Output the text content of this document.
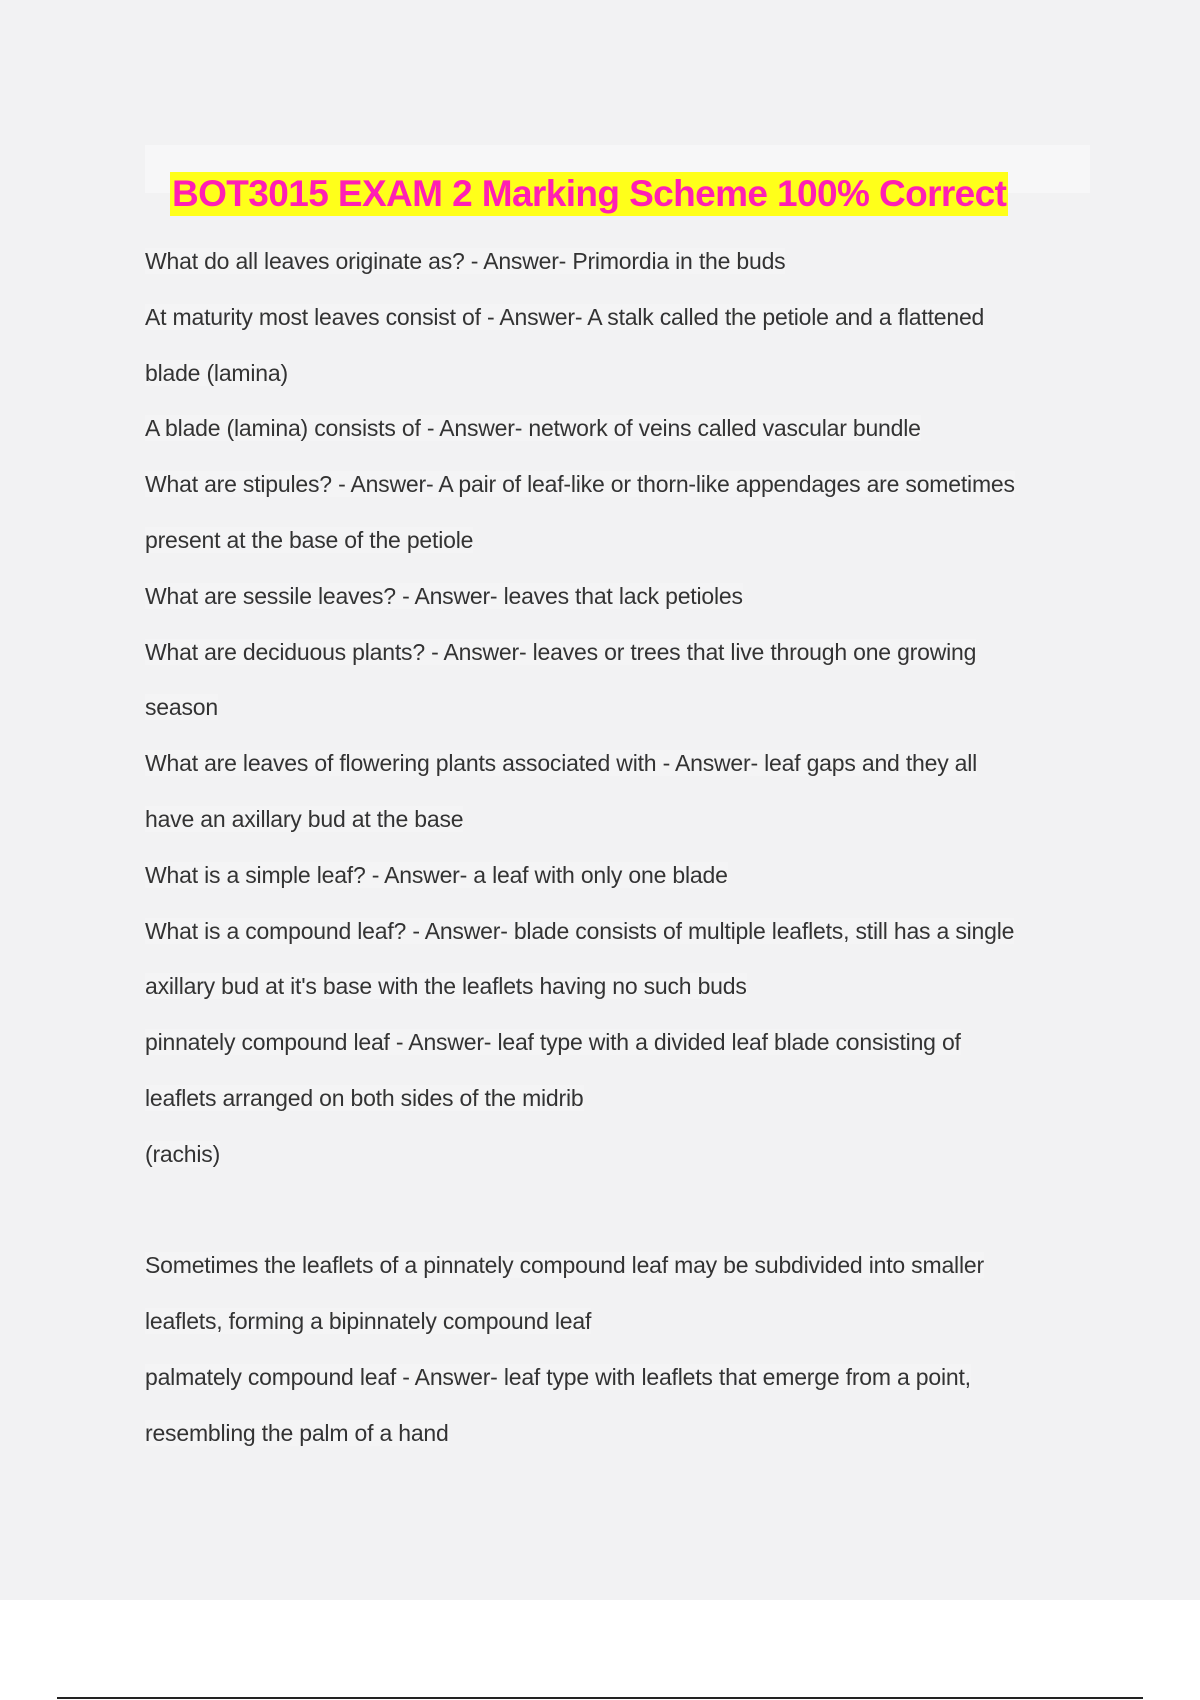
BOT3015 EXAM 2 Marking Scheme 100% Correct
What do all leaves originate as? - Answer- Primordia in the buds
At maturity most leaves consist of - Answer- A stalk called the petiole and a flattened
blade (lamina)
A blade (lamina) consists of - Answer- network of veins called vascular bundle
What are stipules? - Answer- A pair of leaf-like or thorn-like appendages are sometimes
present at the base of the petiole
What are sessile leaves? - Answer- leaves that lack petioles
What are deciduous plants? - Answer- leaves or trees that live through one growing
season
What are leaves of flowering plants associated with - Answer- leaf gaps and they all
have an axillary bud at the base
What is a simple leaf? - Answer- a leaf with only one blade
What is a compound leaf? - Answer- blade consists of multiple leaflets, still has a single
axillary bud at it's base with the leaflets having no such buds
pinnately compound leaf - Answer- leaf type with a divided leaf blade consisting of
leaflets arranged on both sides of the midrib
(rachis)
Sometimes the leaflets of a pinnately compound leaf may be subdivided into smaller
leaflets, forming a bipinnately compound leaf
palmately compound leaf - Answer- leaf type with leaflets that emerge from a point,
resembling the palm of a hand
